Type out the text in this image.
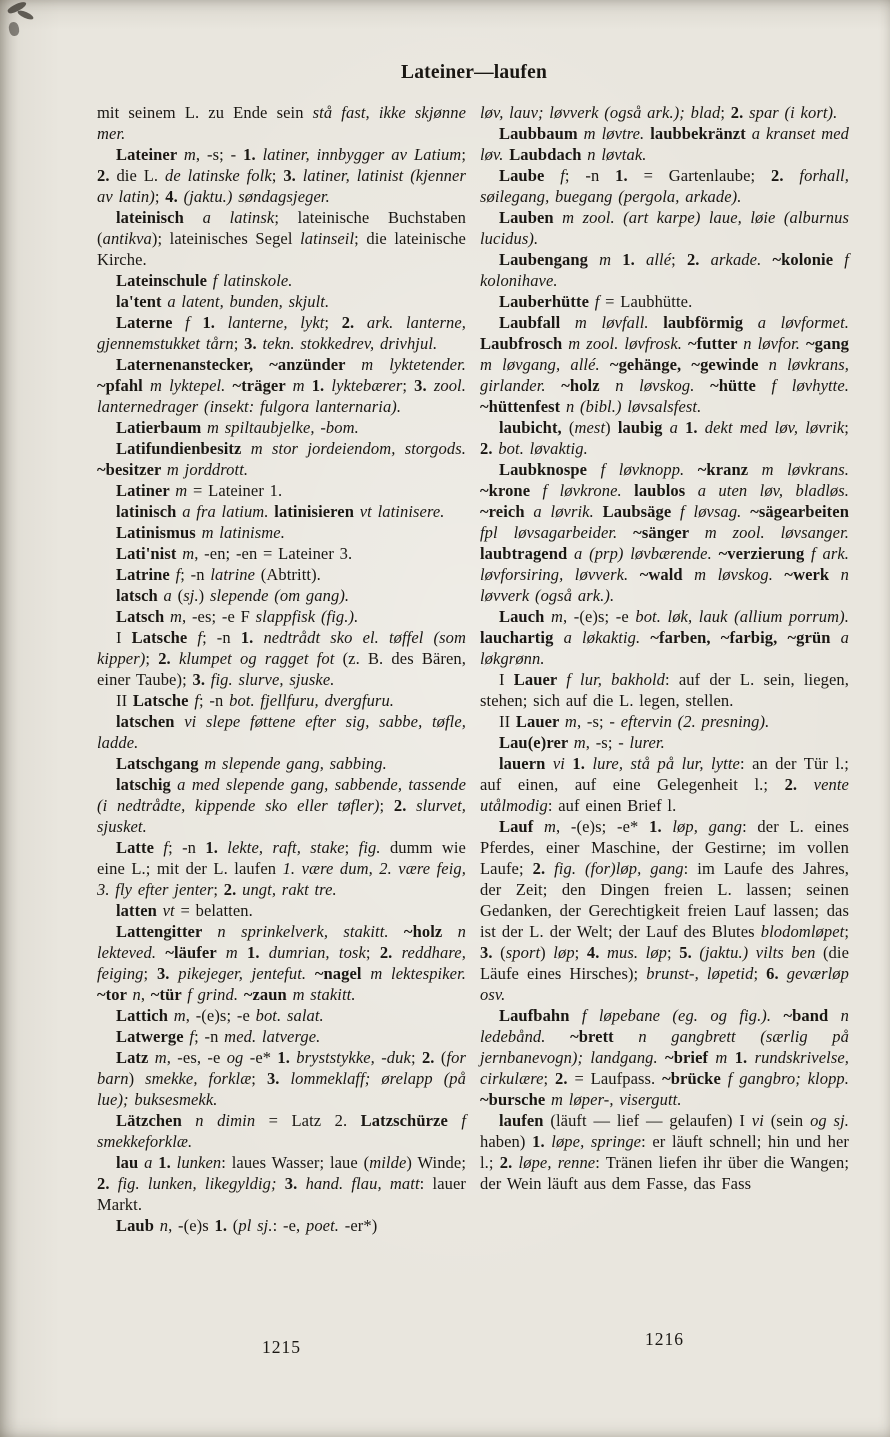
Lateiner—laufen

mit seinem L. zu Ende sein stå fast, ikke skjønne mer.

Lateiner m, -s; - 1. latiner, innbygger av Latium; 2. die L. de latinske folk; 3. latiner, latinist (kjenner av latin); 4. (jaktu.) søndagsjeger.

lateinisch a latinsk; lateinische Buchstaben (antikva); lateinisches Segel latinseil; die lateinische Kirche.

Lateinschule f latinskole.

la'tent a latent, bunden, skjult.

Laterne f 1. lanterne, lykt; 2. ark. lanterne, gjennemstukket tårn; 3. tekn. stokkedrev, drivhjul.

Laternenanstecker, ~anzünder m lyktetender. ~pfahl m lyktepel. ~träger m 1. lyktebærer; 3. zool. lanternedrager (insekt: fulgora lanternaria).

Latierbaum m spiltaubjelke, -bom.

Latifundienbesitz m stor jordeiendom, storgods. ~besitzer m jorddrott.

Latiner m = Lateiner 1.

latinisch a fra latium. latinisieren vt latinisere.

Latinismus m latinisme.

Lati'nist m, -en; -en = Lateiner 3.

Latrine f; -n latrine (Abtritt).

latsch a (sj.) slepende (om gang).

Latsch m, -es; -e F slappfisk (fig.).

I Latsche f; -n 1. nedtrådt sko el. tøffel (som kipper); 2. klumpet og ragget fot (z. B. des Bären, einer Taube); 3. fig. slurve, sjuske.

II Latsche f; -n bot. fjellfuru, dvergfuru.

latschen vi slepe føttene efter sig, sabbe, tøfle, ladde.

Latschgang m slepende gang, sabbing.

latschig a med slepende gang, sabbende, tassende (i nedtrådte, kippende sko eller tøfler); 2. slurvet, sjusket.

Latte f; -n 1. lekte, raft, stake; fig. dumm wie eine L.; mit der L. laufen 1. være dum, 2. være feig, 3. fly efter jenter; 2. ungt, rakt tre.

latten vt = belatten.

Lattengitter n sprinkelverk, stakitt. ~holz n lekteved. ~läufer m 1. dumrian, tosk; 2. reddhare, feiging; 3. pikejeger, jentefut. ~nagel m lektespiker. ~tor n, ~tür f grind. ~zaun m stakitt.

Lattich m, -(e)s; -e bot. salat.

Latwerge f; -n med. latverge.

Latz m, -es, -e og -e* 1. bryststykke, -duk; 2. (for barn) smekke, forklæ; 3. lommeklaff; ørelapp (på lue); buksesmekk.

Lätzchen n dimin = Latz 2. Latzschürze f smekkeforklæ.

lau a 1. lunken: laues Wasser; laue (milde) Winde; 2. fig. lunken, likegyldig; 3. hand. flau, matt: lauer Markt.

Laub n, -(e)s 1. (pl sj.: -e, poet. -er*)

løv, lauv; løvverk (også ark.); blad; 2. spar (i kort).

Laubbaum m løvtre. laubbekränzt a kranset med løv. Laubdach n løvtak.

Laube f; -n 1. = Gartenlaube; 2. forhall, søilegang, buegang (pergola, arkade).

Lauben m zool. (art karpe) laue, løie (alburnus lucidus).

Laubengang m 1. allé; 2. arkade. ~kolonie f kolonihave.

Lauberhütte f = Laubhütte.

Laubfall m løvfall. laubförmig a løvformet. Laubfrosch m zool. løvfrosk. ~futter n løvfor. ~gang m løvgang, allé. ~gehänge, ~gewinde n løvkrans, girlander. ~holz n løvskog. ~hütte f løvhytte. ~hüttenfest n (bibl.) løvsalsfest.

laubicht, (mest) laubig a 1. dekt med løv, løvrik; 2. bot. løvaktig.

Laubknospe f løvknopp. ~kranz m løvkrans. ~krone f løvkrone. laublos a uten løv, bladløs. ~reich a løvrik. Laubsäge f løvsag. ~sägearbeiten fpl løvsagarbeider. ~sänger m zool. løvsanger. laubtragend a (prp) løvbærende. ~verzierung f ark. løvforsiring, løvverk. ~wald m løvskog. ~werk n løvverk (også ark.).

Lauch m, -(e)s; -e bot. løk, lauk (allium porrum). lauchartig a løkaktig. ~farben, ~farbig, ~grün a løkgrønn.

I Lauer f lur, bakhold: auf der L. sein, liegen, stehen; sich auf die L. legen, stellen.

II Lauer m, -s; - eftervin (2. presning).

Lau(e)rer m, -s; - lurer.

lauern vi 1. lure, stå på lur, lytte: an der Tür l.; auf einen, auf eine Gelegenheit l.; 2. vente utålmodig: auf einen Brief l.

Lauf m, -(e)s; -e* 1. løp, gang: der L. eines Pferdes, einer Maschine, der Gestirne; im vollen Laufe; 2. fig. (for)løp, gang: im Laufe des Jahres, der Zeit; den Dingen freien L. lassen; seinen Gedanken, der Gerechtigkeit freien Lauf lassen; das ist der L. der Welt; der Lauf des Blutes blodomløpet; 3. (sport) løp; 4. mus. løp; 5. (jaktu.) vilts ben (die Läufe eines Hirsches); brunst-, løpetid; 6. geværløp osv.

Laufbahn f løpebane (eg. og fig.). ~band n ledebånd. ~brett n gangbrett (særlig på jernbanevogn); landgang. ~brief m 1. rundskrivelse, cirkulære; 2. = Laufpass. ~brücke f gangbro; klopp. ~bursche m løper-, visergutt.

laufen (läuft — lief — gelaufen) I vi (sein og sj. haben) 1. løpe, springe: er läuft schnell; hin und her l.; 2. løpe, renne: Tränen liefen ihr über die Wangen; der Wein läuft aus dem Fasse, das Fass

1215	1216
